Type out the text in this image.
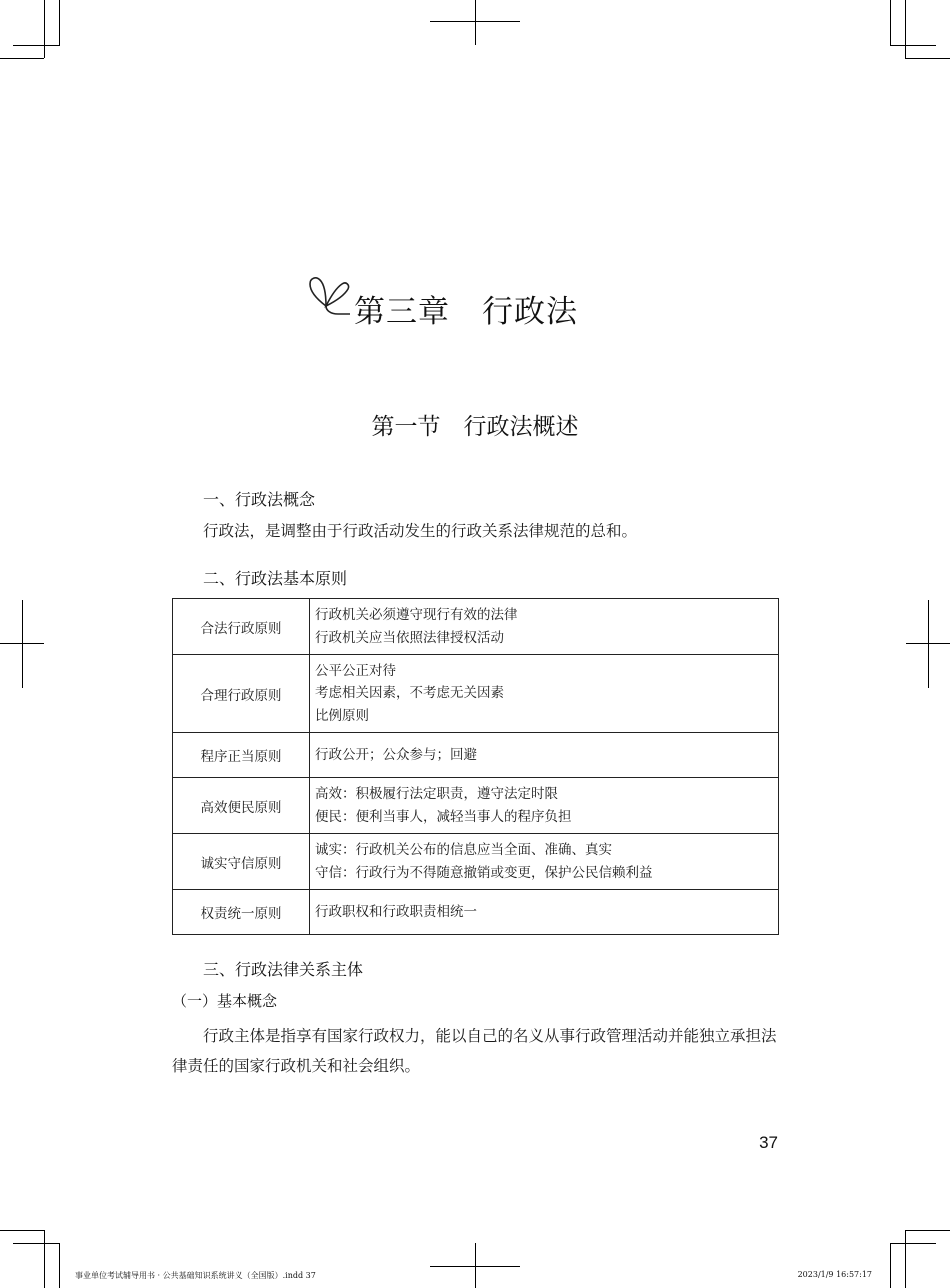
第三章　行政法
第一节　行政法概述
一、行政法概念
行政法，是调整由于行政活动发生的行政关系法律规范的总和。
二、行政法基本原则
合法行政原则	行政机关必须遵守现行有效的法律
行政机关应当依照法律授权活动

合理行政原则	公平公正对待
考虑相关因素，不考虑无关因素
比例原则

程序正当原则	行政公开；公众参与；回避

高效便民原则	高效：积极履行法定职责，遵守法定时限
便民：便利当事人，减轻当事人的程序负担

诚实守信原则	诚实：行政机关公布的信息应当全面、准确、真实
守信：行政行为不得随意撤销或变更，保护公民信赖利益

权责统一原则	行政职权和行政职责相统一
三、行政法律关系主体
（一）基本概念
行政主体是指享有国家行政权力，能以自己的名义从事行政管理活动并能独立承担法律责任的国家行政机关和社会组织。
37
事业单位考试辅导用书 · 公共基础知识系统讲义（全国版）.indd 37	2023/1/9 16:57:17
